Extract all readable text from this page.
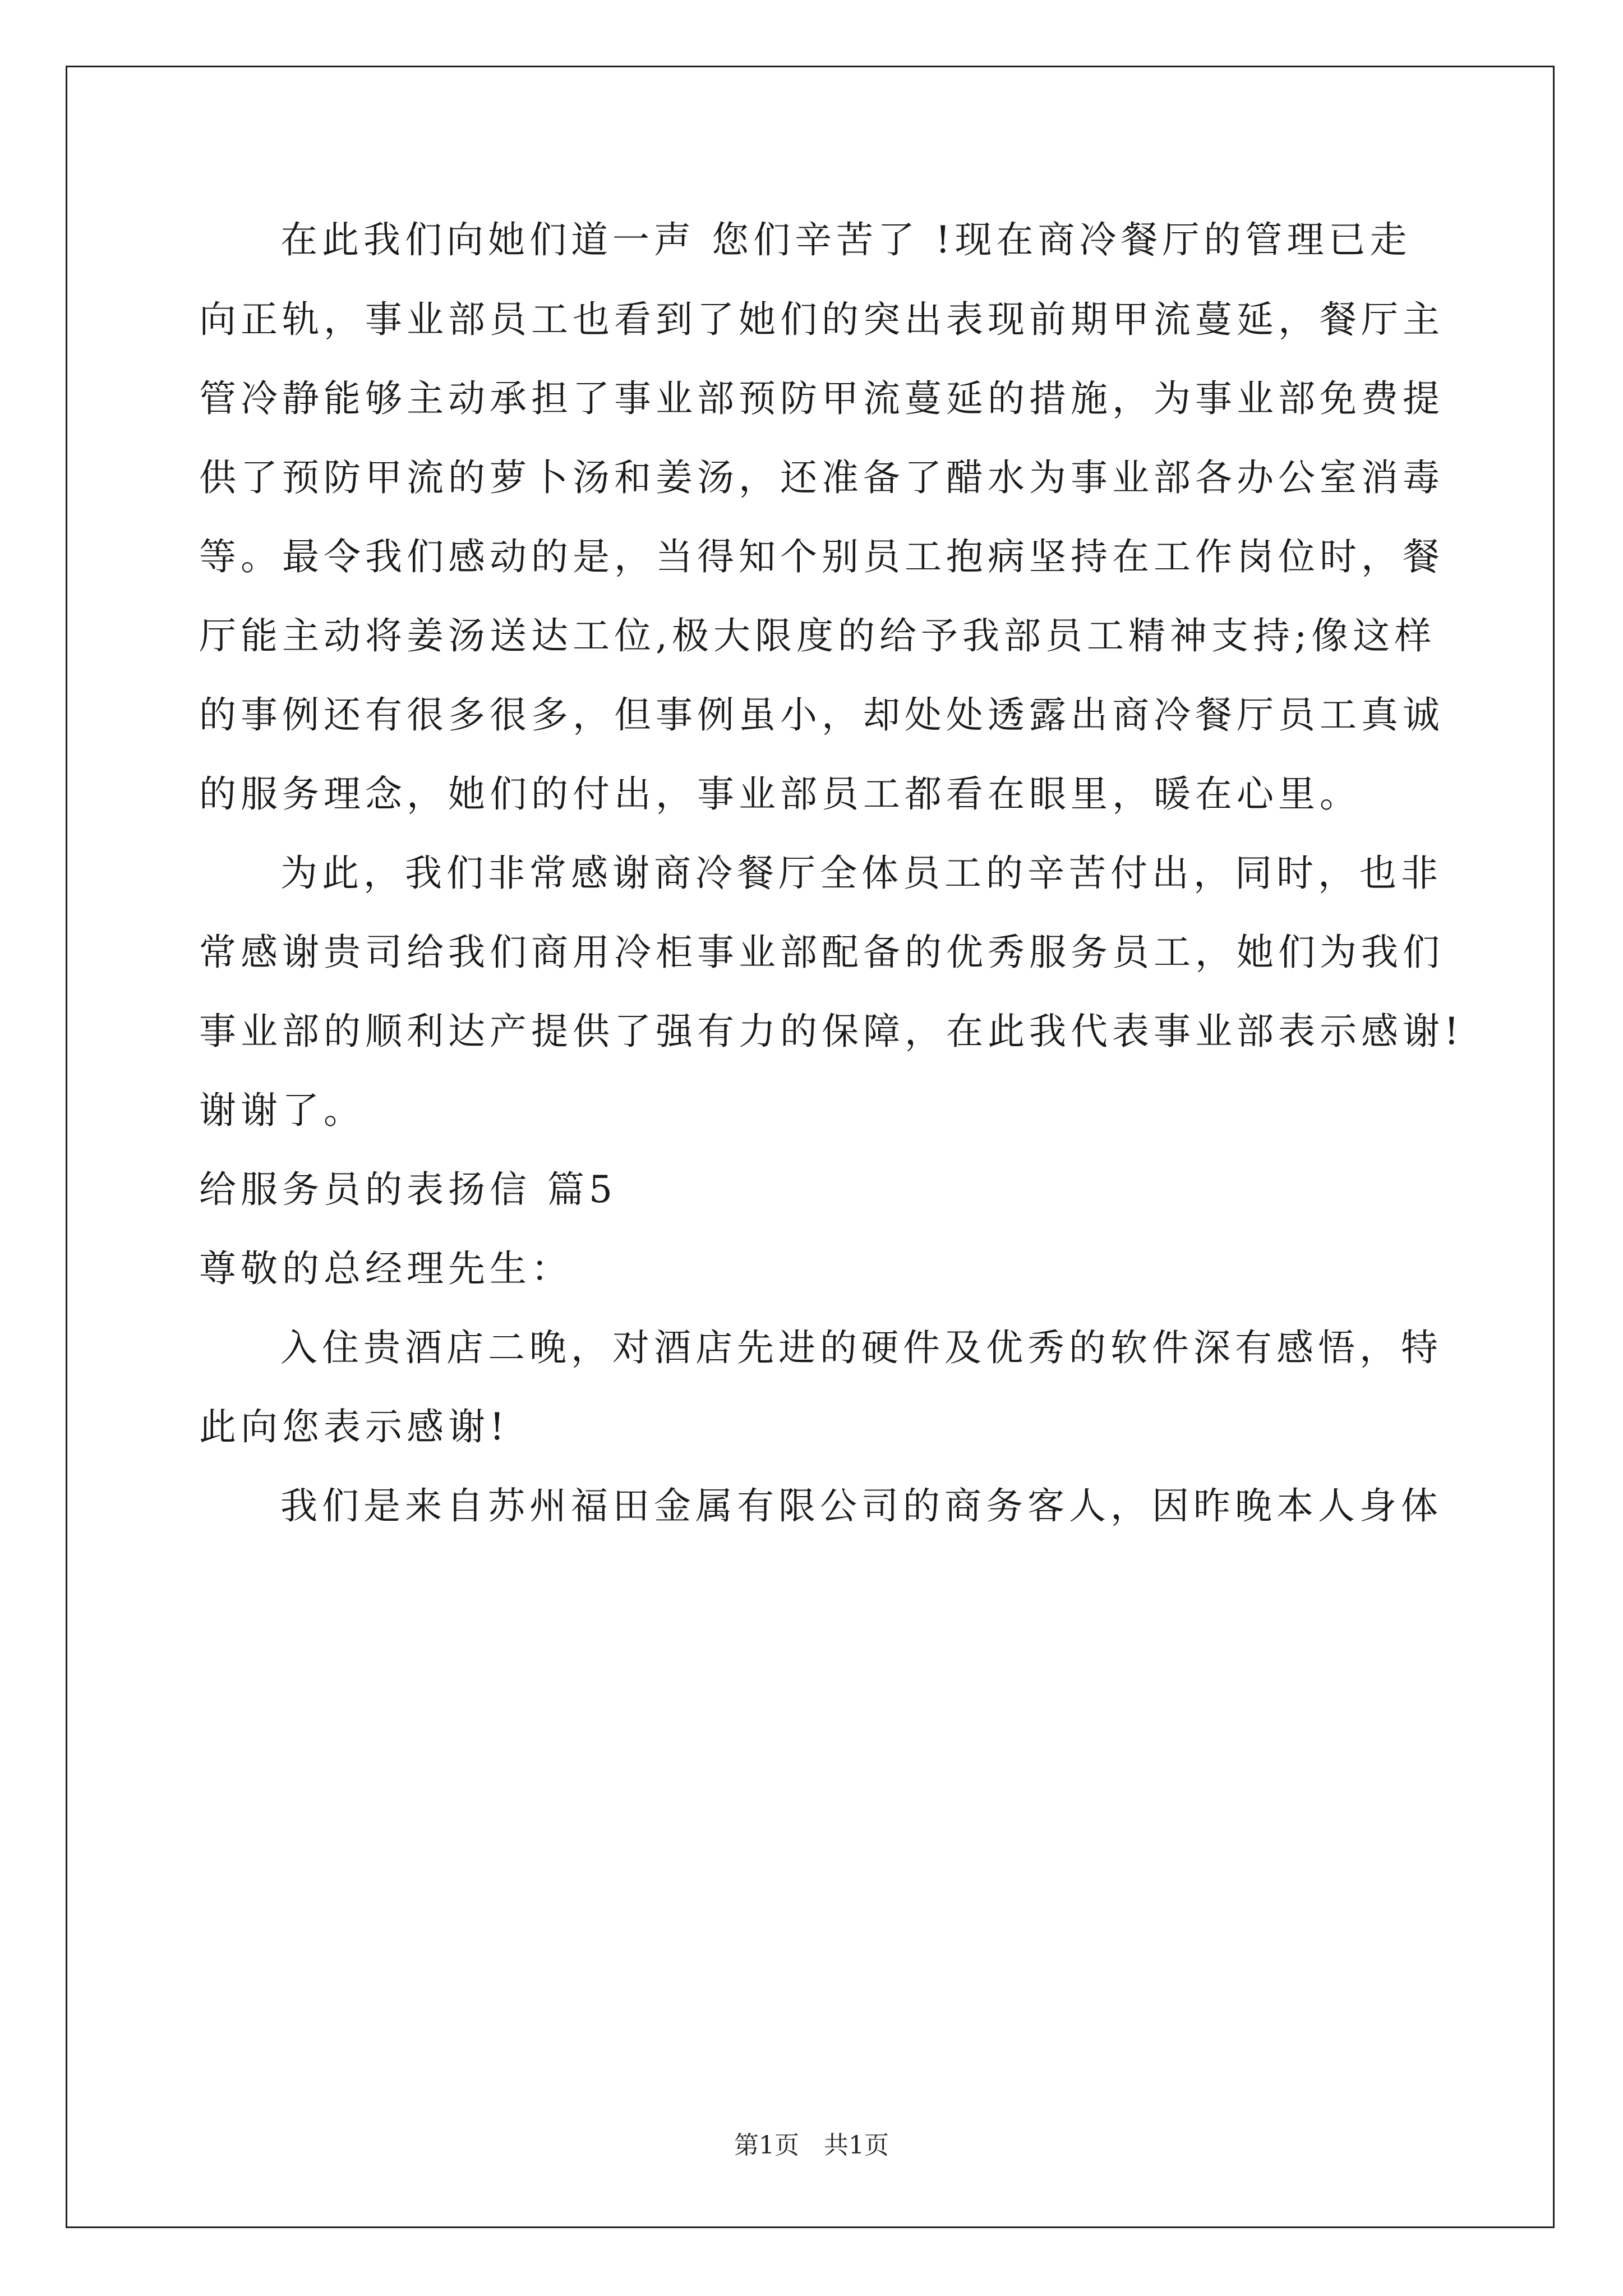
在此我们向她们道一声 您们辛苦了 !现在商冷餐厅的管理已走

向正轨，事业部员工也看到了她们的突出表现前期甲流蔓延，餐厅主

管冷静能够主动承担了事业部预防甲流蔓延的措施，为事业部免费提

供了预防甲流的萝卜汤和姜汤，还准备了醋水为事业部各办公室消毒

等。最令我们感动的是，当得知个别员工抱病坚持在工作岗位时，餐

厅能主动将姜汤送达工位,极大限度的给予我部员工精神支持;像这样

的事例还有很多很多，但事例虽小，却处处透露出商冷餐厅员工真诚

的服务理念，她们的付出，事业部员工都看在眼里，暖在心里。

为此，我们非常感谢商冷餐厅全体员工的辛苦付出，同时，也非

常感谢贵司给我们商用冷柜事业部配备的优秀服务员工，她们为我们

事业部的顺利达产提供了强有力的保障，在此我代表事业部表示感谢!

谢谢了。

给服务员的表扬信 篇5

尊敬的总经理先生：

入住贵酒店二晚，对酒店先进的硬件及优秀的软件深有感悟，特

此向您表示感谢!

我们是来自苏州福田金属有限公司的商务客人，因昨晚本人身体

第1页　共1页
